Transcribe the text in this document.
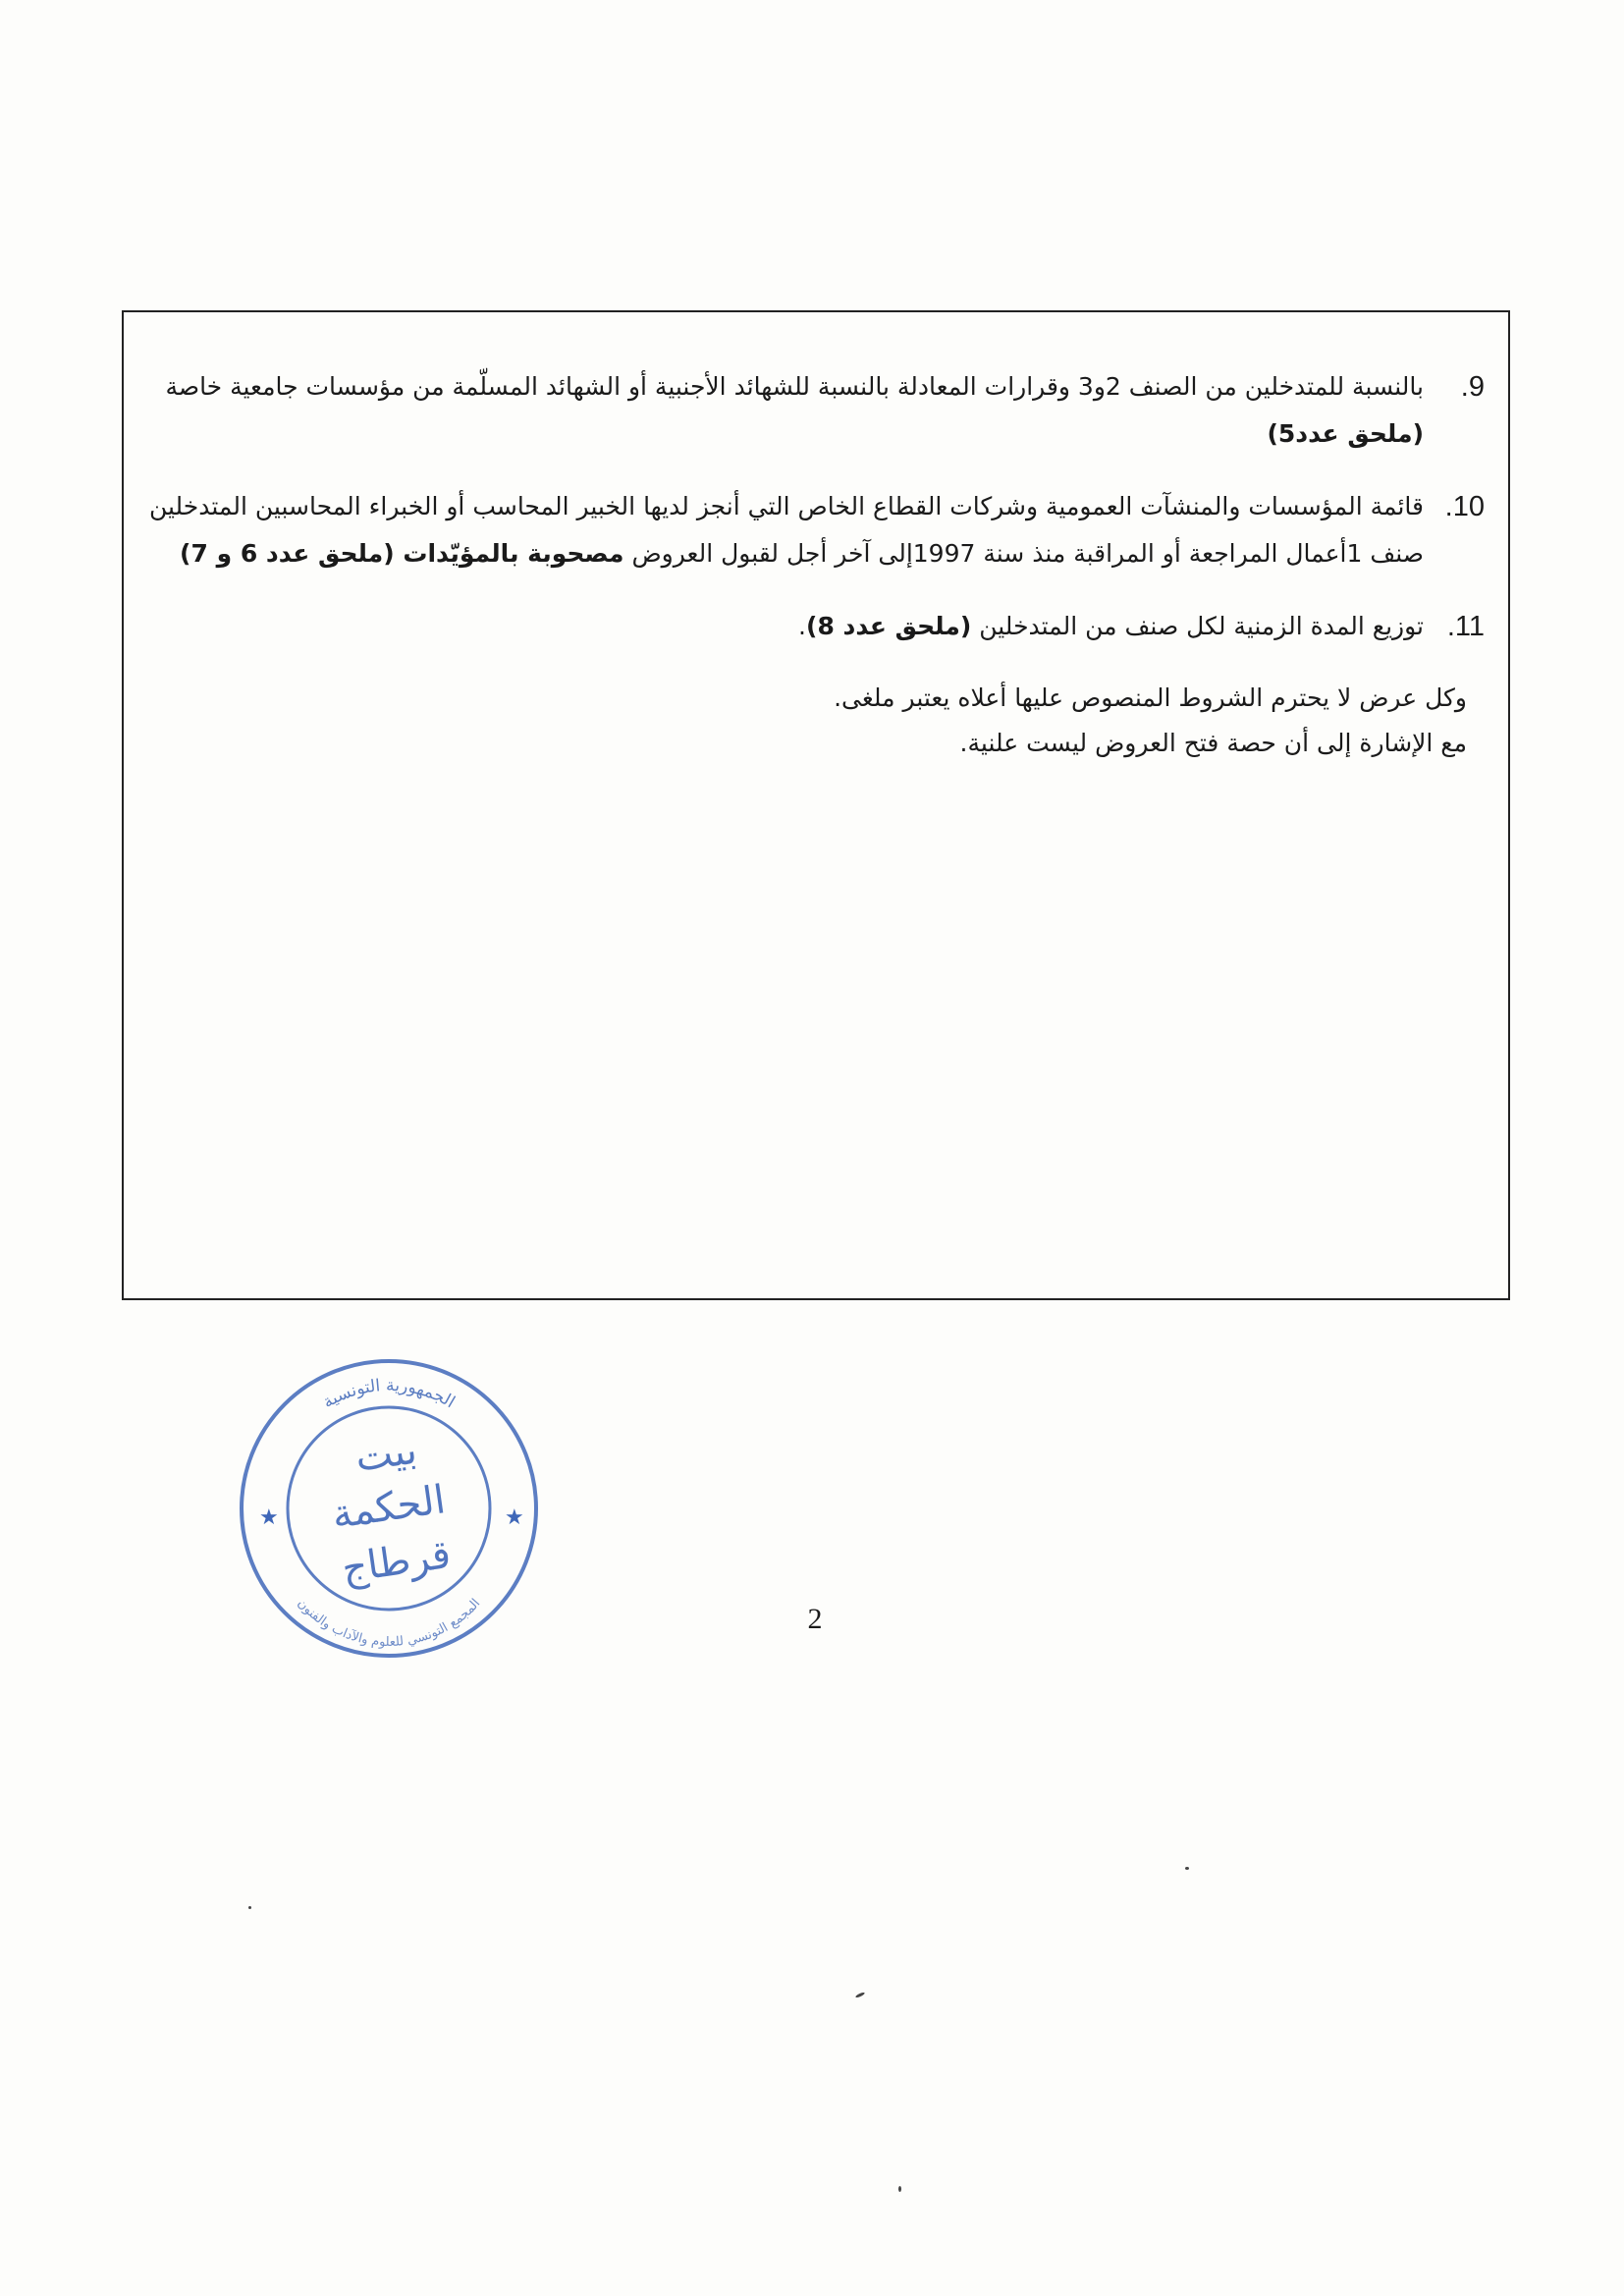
9.
بالنسبة للمتدخلين من الصنف 2و3 وقرارات المعادلة بالنسبة للشهائد الأجنبية أو الشهائد المسلّمة من مؤسسات جامعية خاصة
(ملحق عدد5)
10.
قائمة المؤسسات والمنشآت العمومية وشركات القطاع الخاص التي أنجز لديها الخبير المحاسب أو الخبراء المحاسبين المتدخلين
صنف 1أعمال المراجعة أو المراقبة منذ سنة 1997إلى آخر أجل لقبول العروض مصحوبة بالمؤيّدات (ملحق عدد 6 و 7)
11.
توزيع المدة الزمنية لكل صنف من المتدخلين (ملحق عدد 8).
وكل عرض لا يحترم الشروط المنصوص عليها أعلاه يعتبر ملغى.
مع الإشارة إلى أن حصة فتح العروض ليست علنية.
الجمهورية التونسية
المجمع التونسي للعلوم والآداب والفنون
★	★
بيت
الحكمة
قرطاج
2
